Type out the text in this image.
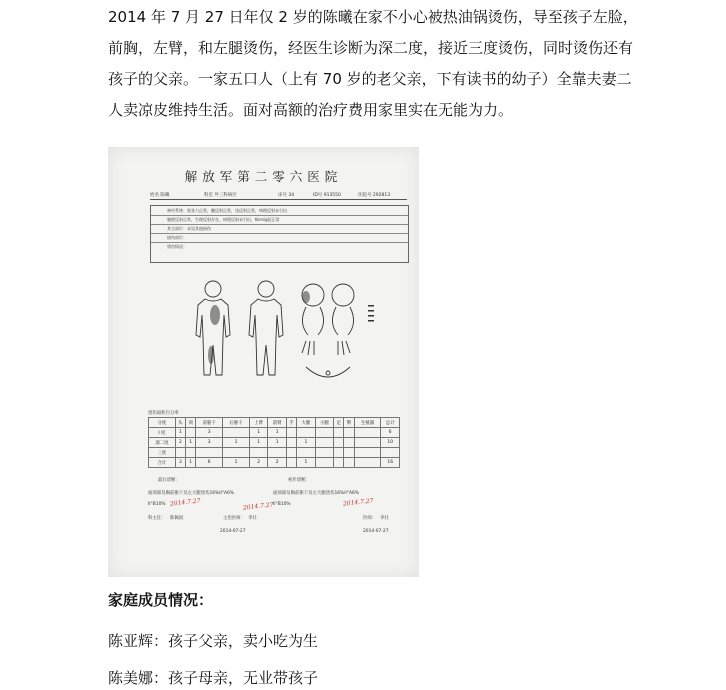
2014 年 7 月 27 日年仅 2 岁的陈曦在家不小心被热油锅烫伤，导至孩子左脸，
前胸，左臂，和左腿烫伤，经医生诊断为深二度，接近三度烫伤，同时烫伤还有
孩子的父亲。一家五口人（上有 70 岁的老父亲，下有读书的幼子）全靠夫妻二
人卖凉皮维持生活。面对高额的治疗费用家里实在无能为力。

解放军第二零六医院
姓名 陈曦	科室 外三科病区	床号 34	ID号 913550	住院号 292813
神经系统：肌张力正常，腱反射正常，浅反射正常，病理反射未引出
腹壁反射正常，生理反射存在，病理反射未引出，Kernig征正常
其它部位：未见其他损伤
烧伤部位：
烫伤情况：
烧伤面积百分率
分度	头	颈	前躯干	后躯干	上臂	前臂	手	大腿	小腿	足	臀	生殖器	总计
I 度	1		3		1	1							6
深二度	2	1	3	1	1	1		1					10
三度													
合计	3	1	6	1	2	2		1					16
最后诊断：	初步诊断：
面颈部及胸前躯干及左大腿烫伤16%II°A6%	面颈部及胸前躯干及左大腿烫伤16%II°A6%
II°B10%	II°B10%
2014.7.27	2014.7.27	2014.7.27
科主任： 陈佩国	主治医师： 李壮	医师： 李壮
2014-07-27	2014-07-27
家庭成员情况：
陈亚辉：孩子父亲，卖小吃为生
陈美娜：孩子母亲，无业带孩子
